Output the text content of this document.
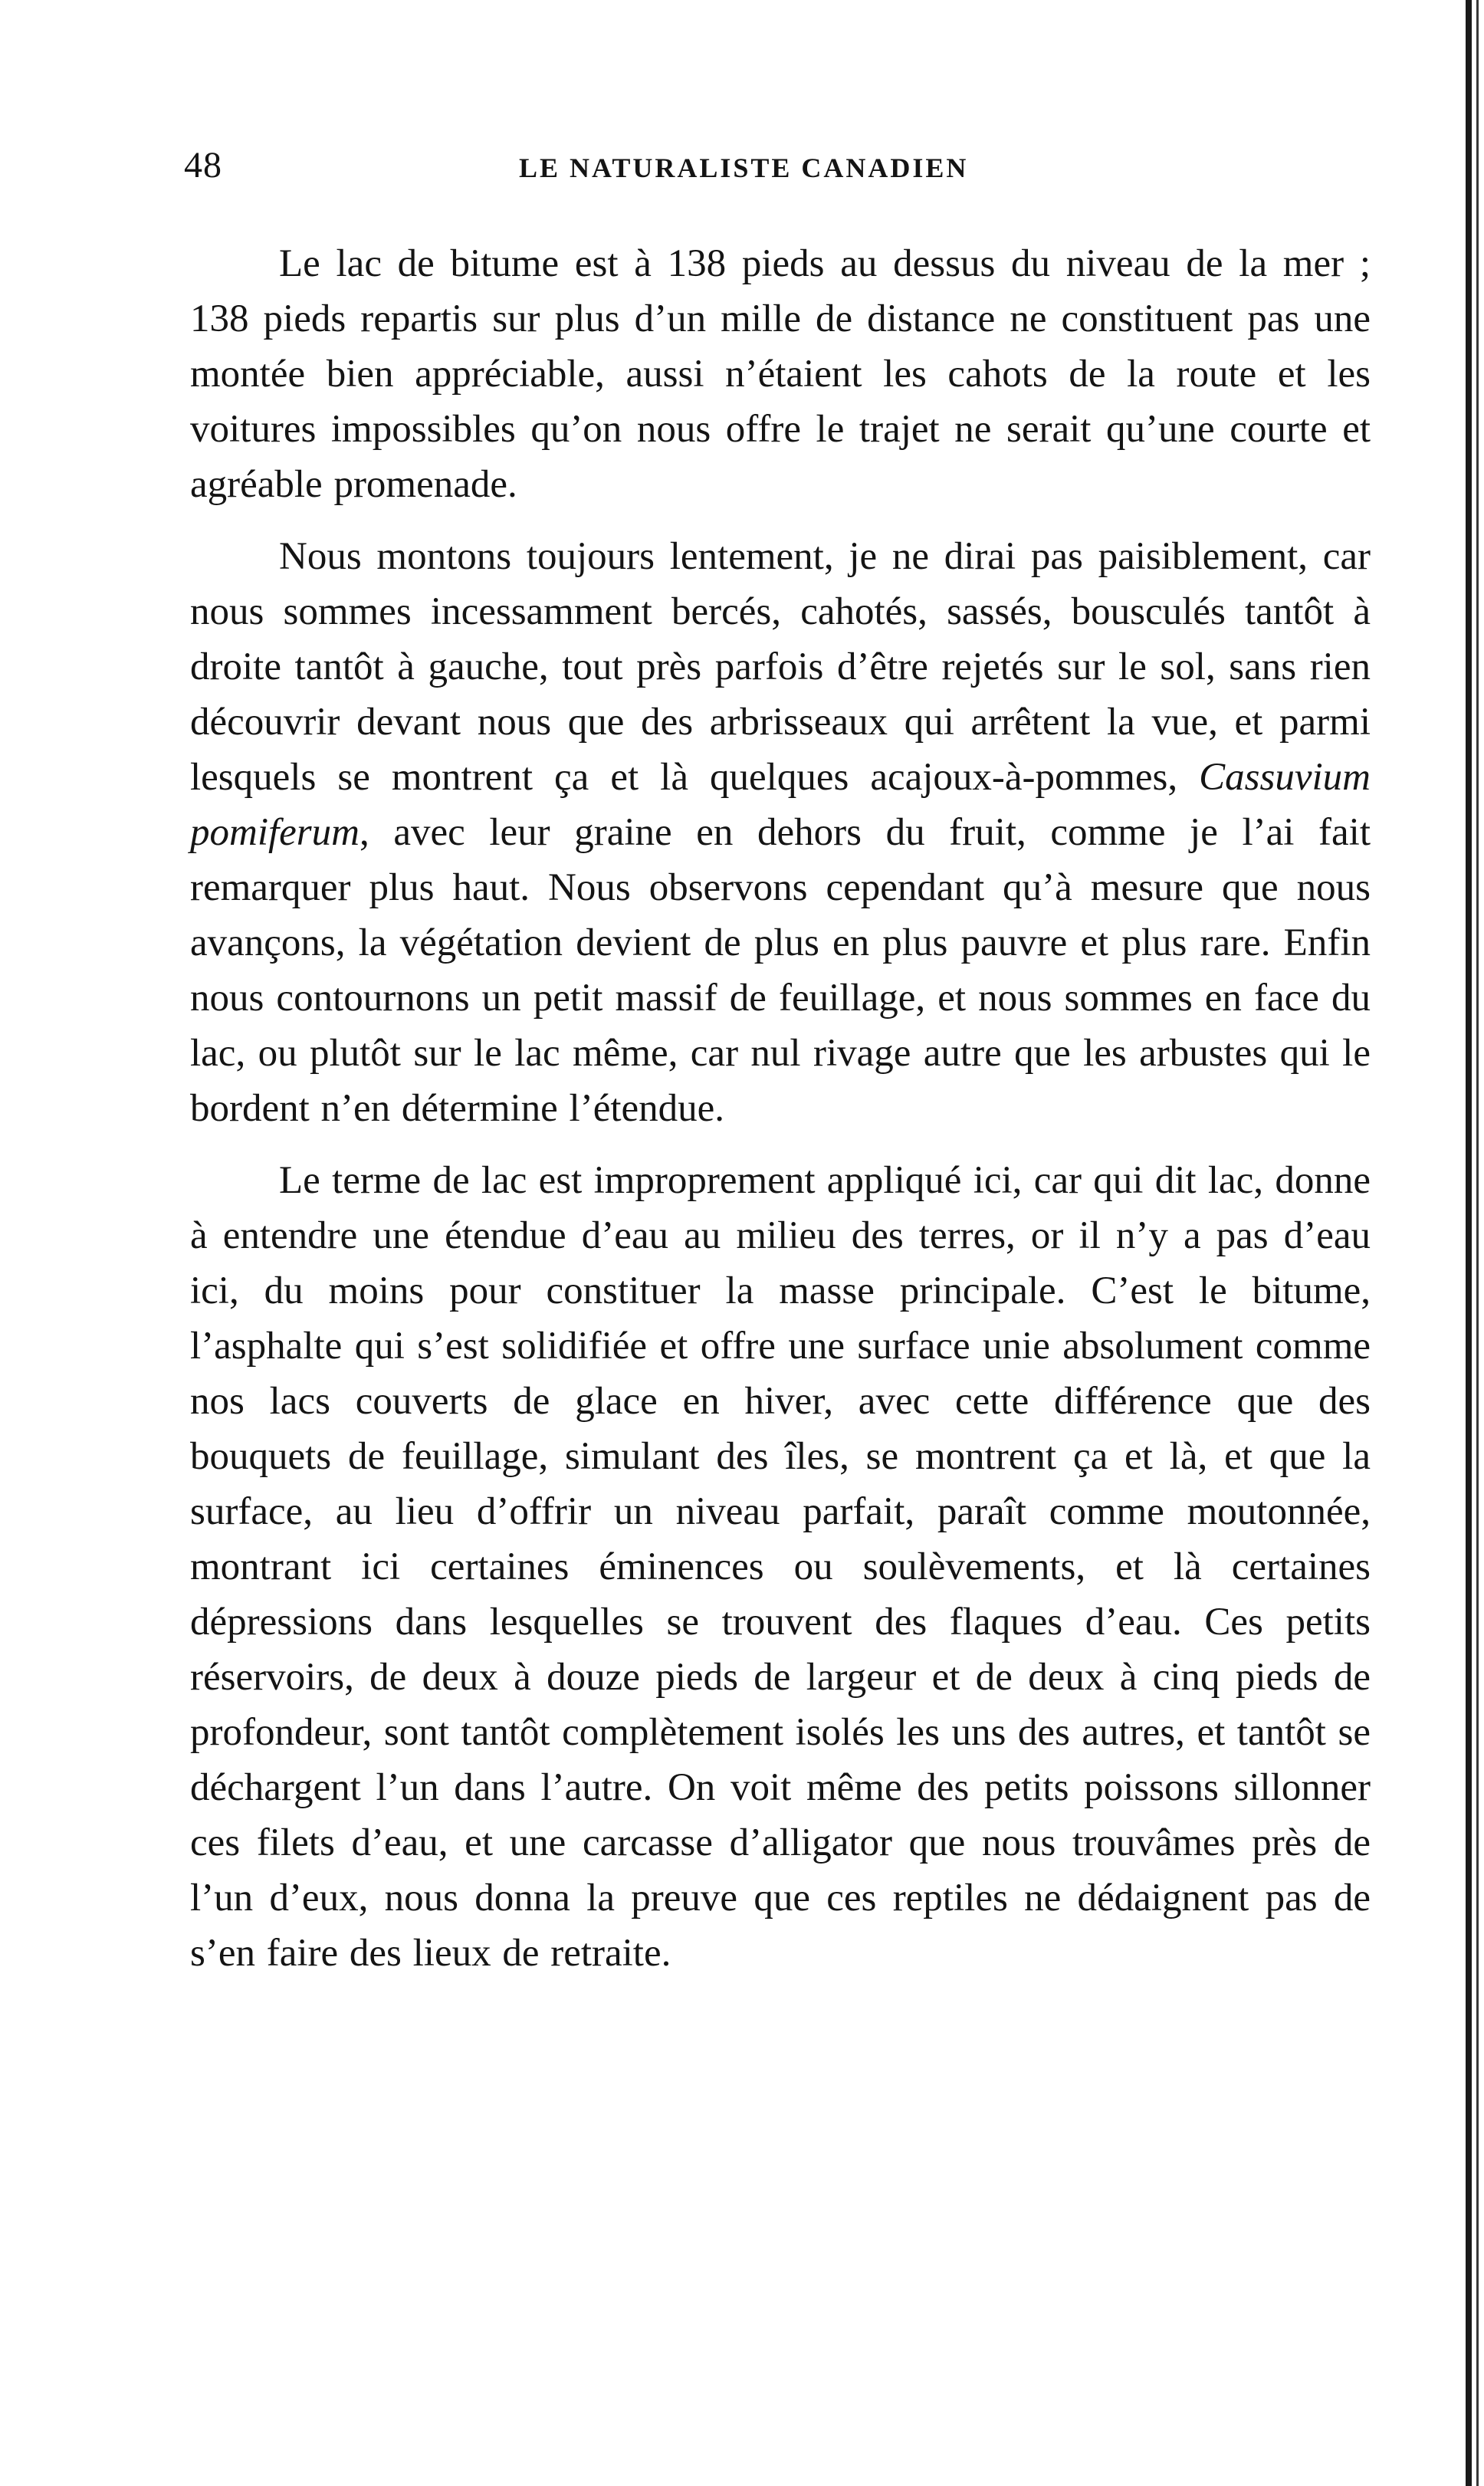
48	LE NATURALISTE CANADIEN

Le lac de bitume est à 138 pieds au dessus du niveau de la mer ; 138 pieds repartis sur plus d’un mille de distance ne constituent pas une montée bien appréciable, aussi n’étaient les cahots de la route et les voitures impossibles qu’on nous offre le trajet ne serait qu’une courte et agréable promenade.

Nous montons toujours lentement, je ne dirai pas paisiblement, car nous sommes incessamment bercés, cahotés, sassés, bousculés tantôt à droite tantôt à gauche, tout près parfois d’être rejetés sur le sol, sans rien découvrir devant nous que des arbrisseaux qui arrêtent la vue, et parmi lesquels se montrent ça et là quelques acajoux-à-pommes, Cassuvium pomiferum, avec leur graine en dehors du fruit, comme je l’ai fait remarquer plus haut. Nous observons cependant qu’à mesure que nous avançons, la végétation devient de plus en plus pauvre et plus rare. Enfin nous contournons un petit massif de feuillage, et nous sommes en face du lac, ou plutôt sur le lac même, car nul rivage autre que les arbustes qui le bordent n’en détermine l’étendue.

Le terme de lac est improprement appliqué ici, car qui dit lac, donne à entendre une étendue d’eau au milieu des terres, or il n’y a pas d’eau ici, du moins pour constituer la masse principale. C’est le bitume, l’asphalte qui s’est solidifiée et offre une surface unie absolument comme nos lacs couverts de glace en hiver, avec cette différence que des bouquets de feuillage, simulant des îles, se montrent ça et là, et que la surface, au lieu d’offrir un niveau parfait, paraît comme moutonnée, montrant ici certaines éminences ou soulèvements, et là certaines dépressions dans lesquelles se trouvent des flaques d’eau. Ces petits réservoirs, de deux à douze pieds de largeur et de deux à cinq pieds de profondeur, sont tantôt complètement isolés les uns des autres, et tantôt se déchargent l’un dans l’autre. On voit même des petits poissons sillonner ces filets d’eau, et une carcasse d’alligator que nous trouvâmes près de l’un d’eux, nous donna la preuve que ces reptiles ne dédaignent pas de s’en faire des lieux de retraite.
